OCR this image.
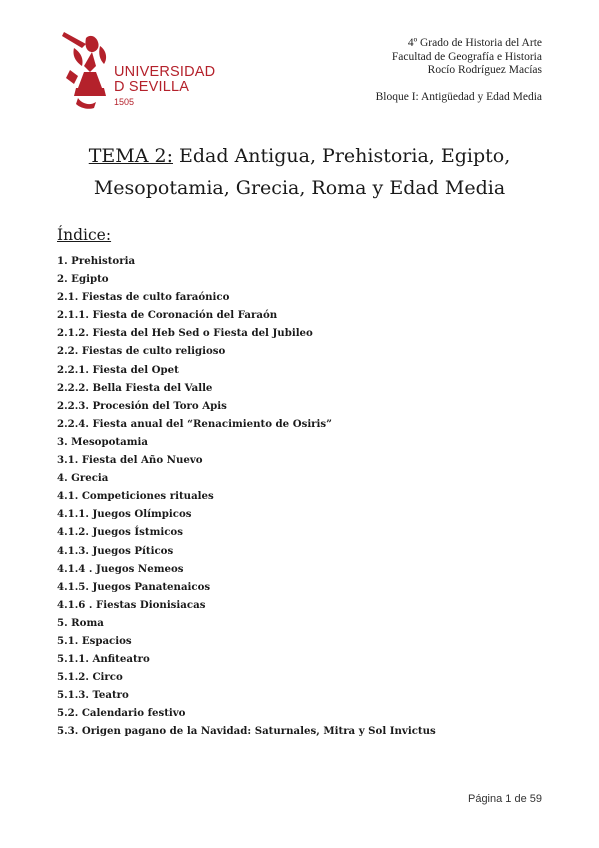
UNIVERSIDAD
D SEVILLA
1505
4º Grado de Historia del Arte
Facultad de Geografía e Historia
Rocío Rodríguez Macías
Bloque I: Antigüedad y Edad Media
TEMA 2: Edad Antigua, Prehistoria, Egipto,
Mesopotamia, Grecia, Roma y Edad Media
Índice:
1. Prehistoria
2. Egipto
2.1. Fiestas de culto faraónico
2.1.1. Fiesta de Coronación del Faraón
2.1.2. Fiesta del Heb Sed o Fiesta del Jubileo
2.2. Fiestas de culto religioso
2.2.1. Fiesta del Opet
2.2.2. Bella Fiesta del Valle
2.2.3. Procesión del Toro Apis
2.2.4. Fiesta anual del “Renacimiento de Osiris”
3. Mesopotamia
3.1. Fiesta del Año Nuevo
4. Grecia
4.1. Competiciones rituales
4.1.1. Juegos Olímpicos
4.1.2. Juegos Ístmicos
4.1.3. Juegos Píticos
4.1.4 . Juegos Nemeos
4.1.5. Juegos Panatenaicos
4.1.6 . Fiestas Dionisiacas
5. Roma
5.1. Espacios
5.1.1. Anfiteatro
5.1.2. Circo
5.1.3. Teatro
5.2. Calendario festivo
5.3. Origen pagano de la Navidad: Saturnales, Mitra y Sol Invictus
Página 1 de 59
